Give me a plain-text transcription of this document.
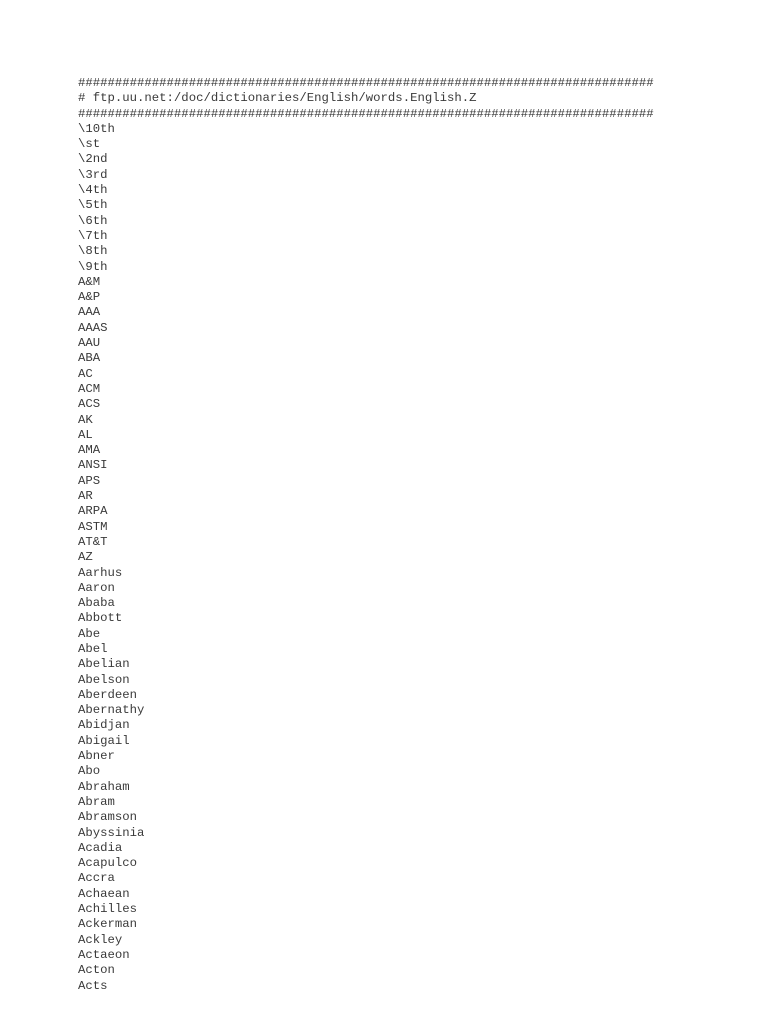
##############################################################################
# ftp.uu.net:/doc/dictionaries/English/words.English.Z
##############################################################################
\10th
\st
\2nd
\3rd
\4th
\5th
\6th
\7th
\8th
\9th
A&M
A&P
AAA
AAAS
AAU
ABA
AC
ACM
ACS
AK
AL
AMA
ANSI
APS
AR
ARPA
ASTM
AT&T
AZ
Aarhus
Aaron
Ababa
Abbott
Abe
Abel
Abelian
Abelson
Aberdeen
Abernathy
Abidjan
Abigail
Abner
Abo
Abraham
Abram
Abramson
Abyssinia
Acadia
Acapulco
Accra
Achaean
Achilles
Ackerman
Ackley
Actaeon
Acton
Acts
